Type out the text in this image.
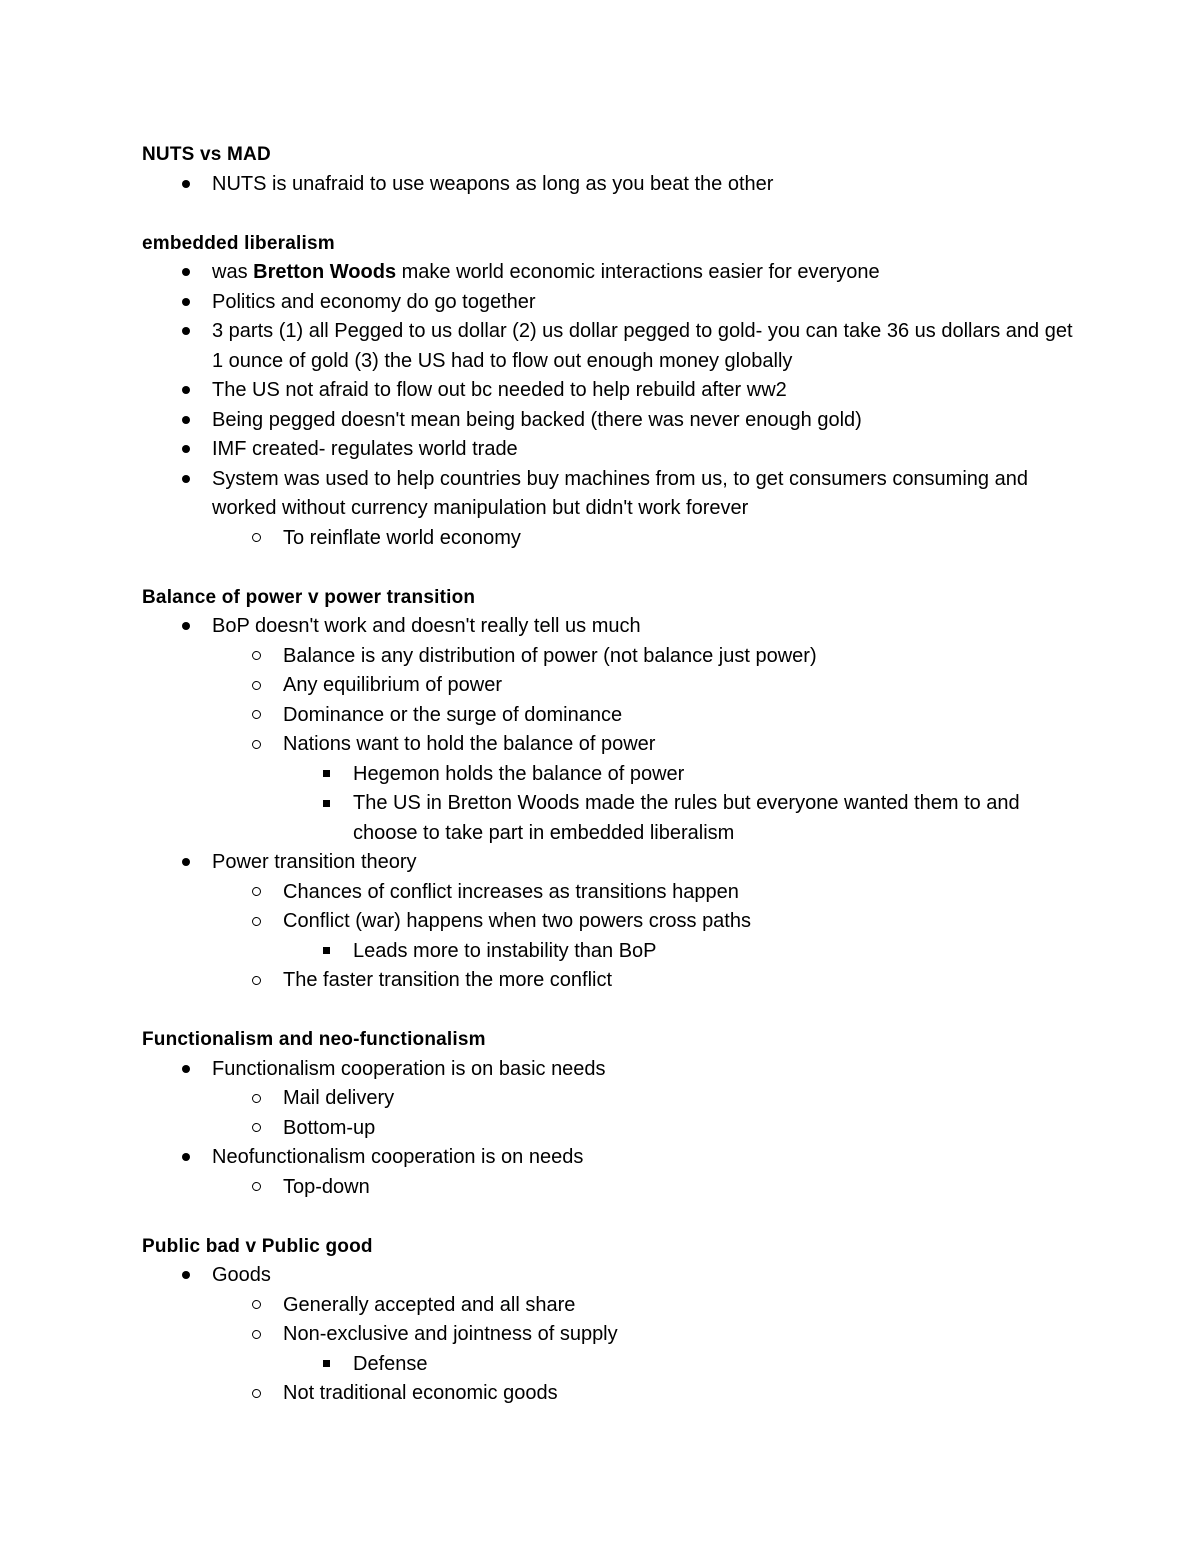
NUTS vs MAD
NUTS is unafraid to use weapons as long as you beat the other
embedded liberalism
was Bretton Woods make world economic interactions easier for everyone
Politics and economy do go together
3 parts (1) all Pegged to us dollar (2) us dollar pegged to gold- you can take 36 us dollars and get 1 ounce of gold (3) the US had to flow out enough money globally
The US not afraid to flow out bc needed to help rebuild after ww2
Being pegged doesn't mean being backed (there was never enough gold)
IMF created- regulates world trade
System was used to help countries buy machines from us, to get consumers consuming and worked without currency manipulation but didn't work forever
To reinflate world economy
Balance of power v power transition
BoP doesn't work and doesn't really tell us much
Balance is any distribution of power (not balance just power)
Any equilibrium of power
Dominance or the surge of dominance
Nations want to hold the balance of power
Hegemon holds the balance of power
The US in Bretton Woods made the rules but everyone wanted them to and choose to take part in embedded liberalism
Power transition theory
Chances of conflict increases as transitions happen
Conflict (war) happens when two powers cross paths
Leads more to instability than BoP
The faster transition the more conflict
Functionalism and neo-functionalism
Functionalism cooperation is on basic needs
Mail delivery
Bottom-up
Neofunctionalism cooperation is on needs
Top-down
Public bad v Public good
Goods
Generally accepted and all share
Non-exclusive and jointness of supply
Defense
Not traditional economic goods
